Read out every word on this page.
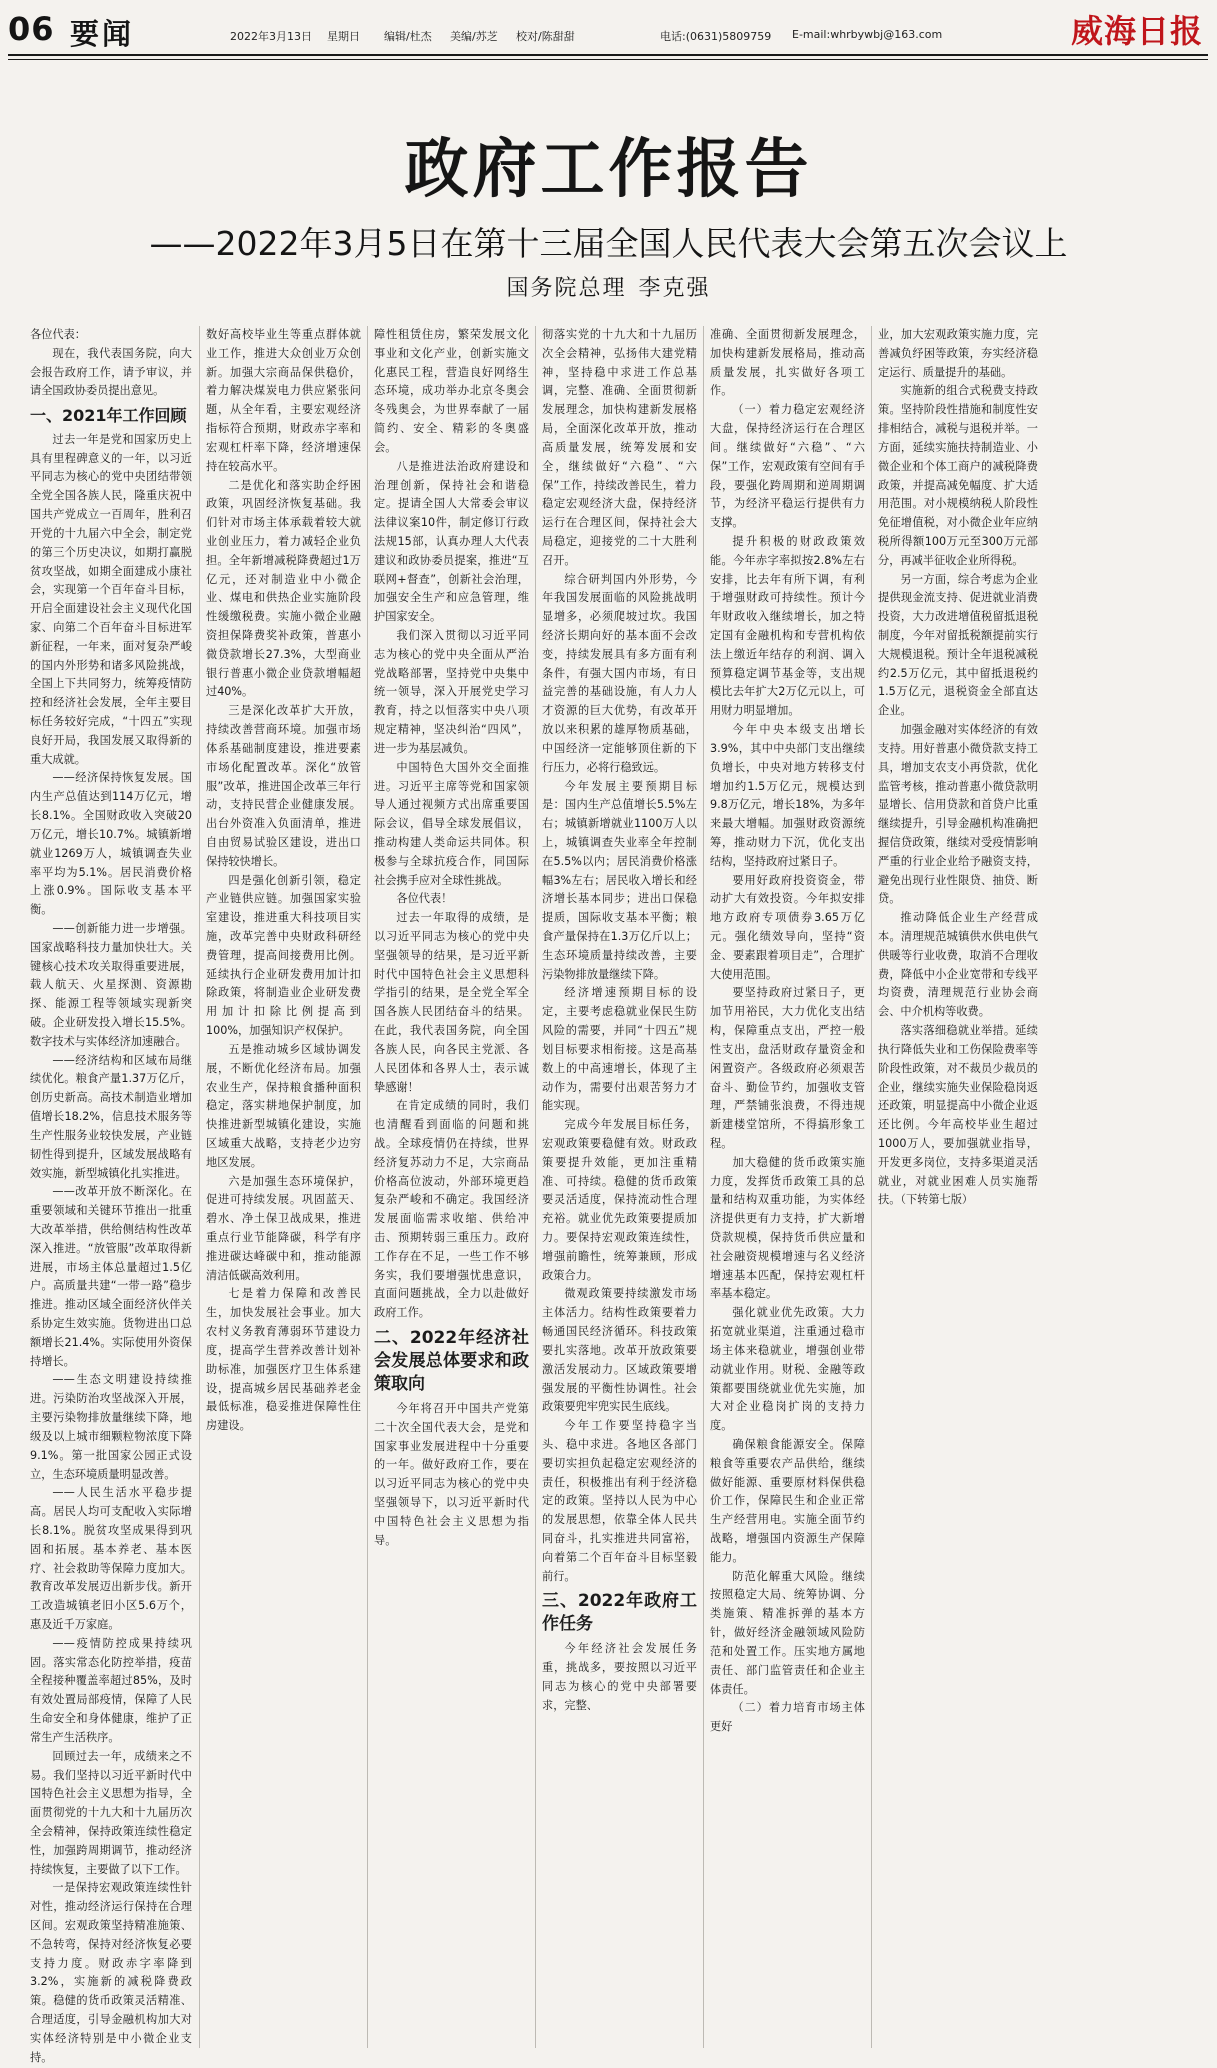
06 要闻	2022年3月13日 星期日 编辑/杜杰 美编/苏芝 校对/陈甜甜	电话:(0631)5809759 E-mail:whrbywbj@163.com	威海日报
政府工作报告
——2022年3月5日在第十三届全国人民代表大会第五次会议上
国务院总理 李克强

各位代表：

现在，我代表国务院，向大会报告政府工作，请予审议，并请全国政协委员提出意见。

一、2021年工作回顾

过去一年是党和国家历史上具有里程碑意义的一年，以习近平同志为核心的党中央团结带领全党全国各族人民，隆重庆祝中国共产党成立一百周年，胜利召开党的十九届六中全会，制定党的第三个历史决议，如期打赢脱贫攻坚战，如期全面建成小康社会，实现第一个百年奋斗目标，开启全面建设社会主义现代化国家、向第二个百年奋斗目标进军新征程，一年来，面对复杂严峻的国内外形势和诸多风险挑战，全国上下共同努力，统筹疫情防控和经济社会发展，全年主要目标任务较好完成，“十四五”实现良好开局，我国发展又取得新的重大成就。

——经济保持恢复发展。国内生产总值达到114万亿元，增长8.1%。全国财政收入突破20万亿元，增长10.7%。城镇新增就业1269万人，城镇调查失业率平均为5.1%。居民消费价格上涨0.9%。国际收支基本平衡。

——创新能力进一步增强。国家战略科技力量加快壮大。关键核心技术攻关取得重要进展，载人航天、火星探测、资源勘探、能源工程等领域实现新突破。企业研发投入增长15.5%。数字技术与实体经济加速融合。

——经济结构和区域布局继续优化。粮食产量1.37万亿斤，创历史新高。高技术制造业增加值增长18.2%，信息技术服务等生产性服务业较快发展，产业链韧性得到提升，区域发展战略有效实施，新型城镇化扎实推进。

——改革开放不断深化。在重要领域和关键环节推出一批重大改革举措，供给侧结构性改革深入推进。“放管服”改革取得新进展，市场主体总量超过1.5亿户。高质量共建“一带一路”稳步推进。推动区域全面经济伙伴关系协定生效实施。货物进出口总额增长21.4%。实际使用外资保持增长。

——生态文明建设持续推进。污染防治攻坚战深入开展，主要污染物排放量继续下降，地级及以上城市细颗粒物浓度下降9.1%。第一批国家公园正式设立，生态环境质量明显改善。

——人民生活水平稳步提高。居民人均可支配收入实际增长8.1%。脱贫攻坚成果得到巩固和拓展。基本养老、基本医疗、社会救助等保障力度加大。教育改革发展迈出新步伐。新开工改造城镇老旧小区5.6万个，惠及近千万家庭。

——疫情防控成果持续巩固。落实常态化防控举措，疫苗全程接种覆盖率超过85%，及时有效处置局部疫情，保障了人民生命安全和身体健康，维护了正常生产生活秩序。

回顾过去一年，成绩来之不易。我们坚持以习近平新时代中国特色社会主义思想为指导，全面贯彻党的十九大和十九届历次全会精神，保持政策连续性稳定性，加强跨周期调节，推动经济持续恢复，主要做了以下工作。

一是保持宏观政策连续性针对性，推动经济运行保持在合理区间。宏观政策坚持精准施策、不急转弯，保持对经济恢复必要支持力度。财政赤字率降到3.2%，实施新的减税降费政策。稳健的货币政策灵活精准、合理适度，引导金融机构加大对实体经济特别是中小微企业支持。

数好高校毕业生等重点群体就业工作，推进大众创业万众创新。加强大宗商品保供稳价，着力解决煤炭电力供应紧张问题，从全年看，主要宏观经济指标符合预期，财政赤字率和宏观杠杆率下降，经济增速保持在较高水平。

二是优化和落实助企纾困政策，巩固经济恢复基础。我们针对市场主体承载着较大就业创业压力，着力减轻企业负担。全年新增减税降费超过1万亿元，还对制造业中小微企业、煤电和供热企业实施阶段性缓缴税费。实施小微企业融资担保降费奖补政策，普惠小微贷款增长27.3%，大型商业银行普惠小微企业贷款增幅超过40%。

三是深化改革扩大开放，持续改善营商环境。加强市场体系基础制度建设，推进要素市场化配置改革。深化“放管服”改革，推进国企改革三年行动，支持民营企业健康发展。出台外资准入负面清单，推进自由贸易试验区建设，进出口保持较快增长。

四是强化创新引领，稳定产业链供应链。加强国家实验室建设，推进重大科技项目实施，改革完善中央财政科研经费管理，提高间接费用比例。延续执行企业研发费用加计扣除政策，将制造业企业研发费用加计扣除比例提高到100%，加强知识产权保护。

五是推动城乡区域协调发展，不断优化经济布局。加强农业生产，保持粮食播种面积稳定，落实耕地保护制度，加快推进新型城镇化建设，实施区域重大战略，支持老少边穷地区发展。

六是加强生态环境保护，促进可持续发展。巩固蓝天、碧水、净土保卫战成果，推进重点行业节能降碳，科学有序推进碳达峰碳中和，推动能源清洁低碳高效利用。

七是着力保障和改善民生，加快发展社会事业。加大农村义务教育薄弱环节建设力度，提高学生营养改善计划补助标准，加强医疗卫生体系建设，提高城乡居民基础养老金最低标准，稳妥推进保障性住房建设。

障性租赁住房，繁荣发展文化事业和文化产业，创新实施文化惠民工程，营造良好网络生态环境，成功举办北京冬奥会冬残奥会，为世界奉献了一届简约、安全、精彩的冬奥盛会。

八是推进法治政府建设和治理创新，保持社会和谐稳定。提请全国人大常委会审议法律议案10件，制定修订行政法规15部，认真办理人大代表建议和政协委员提案，推进“互联网+督查”，创新社会治理，加强安全生产和应急管理，维护国家安全。

我们深入贯彻以习近平同志为核心的党中央全面从严治党战略部署，坚持党中央集中统一领导，深入开展党史学习教育，持之以恒落实中央八项规定精神，坚决纠治“四风”，进一步为基层减负。

中国特色大国外交全面推进。习近平主席等党和国家领导人通过视频方式出席重要国际会议，倡导全球发展倡议，推动构建人类命运共同体。积极参与全球抗疫合作，同国际社会携手应对全球性挑战。

各位代表！

过去一年取得的成绩，是以习近平同志为核心的党中央坚强领导的结果，是习近平新时代中国特色社会主义思想科学指引的结果，是全党全军全国各族人民团结奋斗的结果。在此，我代表国务院，向全国各族人民，向各民主党派、各人民团体和各界人士，表示诚挚感谢！

在肯定成绩的同时，我们也清醒看到面临的问题和挑战。全球疫情仍在持续，世界经济复苏动力不足，大宗商品价格高位波动，外部环境更趋复杂严峻和不确定。我国经济发展面临需求收缩、供给冲击、预期转弱三重压力。政府工作存在不足，一些工作不够务实，我们要增强忧患意识，直面问题挑战，全力以赴做好政府工作。

二、2022年经济社会发展总体要求和政策取向

今年将召开中国共产党第二十次全国代表大会，是党和国家事业发展进程中十分重要的一年。做好政府工作，要在以习近平同志为核心的党中央坚强领导下，以习近平新时代中国特色社会主义思想为指导。

彻落实党的十九大和十九届历次全会精神，弘扬伟大建党精神，坚持稳中求进工作总基调，完整、准确、全面贯彻新发展理念，加快构建新发展格局，全面深化改革开放，推动高质量发展，统筹发展和安全，继续做好“六稳”、“六保”工作，持续改善民生，着力稳定宏观经济大盘，保持经济运行在合理区间，保持社会大局稳定，迎接党的二十大胜利召开。

综合研判国内外形势，今年我国发展面临的风险挑战明显增多，必须爬坡过坎。我国经济长期向好的基本面不会改变，持续发展具有多方面有利条件，有强大国内市场，有日益完善的基础设施，有人力人才资源的巨大优势，有改革开放以来积累的雄厚物质基础，中国经济一定能够顶住新的下行压力，必将行稳致远。

今年发展主要预期目标是：国内生产总值增长5.5%左右；城镇新增就业1100万人以上，城镇调查失业率全年控制在5.5%以内；居民消费价格涨幅3%左右；居民收入增长和经济增长基本同步；进出口保稳提质，国际收支基本平衡；粮食产量保持在1.3万亿斤以上；生态环境质量持续改善，主要污染物排放量继续下降。

经济增速预期目标的设定，主要考虑稳就业保民生防风险的需要，并同“十四五”规划目标要求相衔接。这是高基数上的中高速增长，体现了主动作为，需要付出艰苦努力才能实现。

完成今年发展目标任务，宏观政策要稳健有效。财政政策要提升效能，更加注重精准、可持续。稳健的货币政策要灵活适度，保持流动性合理充裕。就业优先政策要提质加力。要保持宏观政策连续性，增强前瞻性，统筹兼顾，形成政策合力。

微观政策要持续激发市场主体活力。结构性政策要着力畅通国民经济循环。科技政策要扎实落地。改革开放政策要激活发展动力。区域政策要增强发展的平衡性协调性。社会政策要兜牢兜实民生底线。

今年工作要坚持稳字当头、稳中求进。各地区各部门要切实担负起稳定宏观经济的责任，积极推出有利于经济稳定的政策。坚持以人民为中心的发展思想，依靠全体人民共同奋斗，扎实推进共同富裕，向着第二个百年奋斗目标坚毅前行。

三、2022年政府工作任务

今年经济社会发展任务重，挑战多，要按照以习近平同志为核心的党中央部署要求，完整、

准确、全面贯彻新发展理念，加快构建新发展格局，推动高质量发展，扎实做好各项工作。

（一）着力稳定宏观经济大盘，保持经济运行在合理区间。继续做好“六稳”、“六保”工作，宏观政策有空间有手段，要强化跨周期和逆周期调节，为经济平稳运行提供有力支撑。

提升积极的财政政策效能。今年赤字率拟按2.8%左右安排，比去年有所下调，有利于增强财政可持续性。预计今年财政收入继续增长，加之特定国有金融机构和专营机构依法上缴近年结存的利润、调入预算稳定调节基金等，支出规模比去年扩大2万亿元以上，可用财力明显增加。

今年中央本级支出增长3.9%，其中中央部门支出继续负增长，中央对地方转移支付增加约1.5万亿元，规模达到9.8万亿元，增长18%，为多年来最大增幅。加强财政资源统筹，推动财力下沉，优化支出结构，坚持政府过紧日子。

要用好政府投资资金，带动扩大有效投资。今年拟安排地方政府专项债券3.65万亿元。强化绩效导向，坚持“资金、要素跟着项目走”，合理扩大使用范围。

要坚持政府过紧日子，更加节用裕民，大力优化支出结构，保障重点支出，严控一般性支出，盘活财政存量资金和闲置资产。各级政府必须艰苦奋斗、勤俭节约，加强收支管理，严禁铺张浪费，不得违规新建楼堂馆所，不得搞形象工程。

加大稳健的货币政策实施力度，发挥货币政策工具的总量和结构双重功能，为实体经济提供更有力支持，扩大新增贷款规模，保持货币供应量和社会融资规模增速与名义经济增速基本匹配，保持宏观杠杆率基本稳定。

强化就业优先政策。大力拓宽就业渠道，注重通过稳市场主体来稳就业，增强创业带动就业作用。财税、金融等政策都要围绕就业优先实施，加大对企业稳岗扩岗的支持力度。

确保粮食能源安全。保障粮食等重要农产品供给，继续做好能源、重要原材料保供稳价工作，保障民生和企业正常生产经营用电。实施全面节约战略，增强国内资源生产保障能力。

防范化解重大风险。继续按照稳定大局、统筹协调、分类施策、精准拆弹的基本方针，做好经济金融领域风险防范和处置工作。压实地方属地责任、部门监管责任和企业主体责任。

（二）着力培育市场主体更好

业，加大宏观政策实施力度，完善减负纾困等政策，夯实经济稳定运行、质量提升的基础。

实施新的组合式税费支持政策。坚持阶段性措施和制度性安排相结合，减税与退税并举。一方面，延续实施扶持制造业、小微企业和个体工商户的减税降费政策，并提高减免幅度、扩大适用范围。对小规模纳税人阶段性免征增值税，对小微企业年应纳税所得额100万元至300万元部分，再减半征收企业所得税。

另一方面，综合考虑为企业提供现金流支持、促进就业消费投资，大力改进增值税留抵退税制度，今年对留抵税额提前实行大规模退税。预计全年退税减税约2.5万亿元，其中留抵退税约1.5万亿元，退税资金全部直达企业。

加强金融对实体经济的有效支持。用好普惠小微贷款支持工具，增加支农支小再贷款，优化监管考核，推动普惠小微贷款明显增长、信用贷款和首贷户比重继续提升，引导金融机构准确把握信贷政策，继续对受疫情影响严重的行业企业给予融资支持，避免出现行业性限贷、抽贷、断贷。

推动降低企业生产经营成本。清理规范城镇供水供电供气供暖等行业收费，取消不合理收费，降低中小企业宽带和专线平均资费，清理规范行业协会商会、中介机构等收费。

落实落细稳就业举措。延续执行降低失业和工伤保险费率等阶段性政策，对不裁员少裁员的企业，继续实施失业保险稳岗返还政策，明显提高中小微企业返还比例。今年高校毕业生超过1000万人，要加强就业指导，开发更多岗位，支持多渠道灵活就业，对就业困难人员实施帮扶。（下转第七版）
